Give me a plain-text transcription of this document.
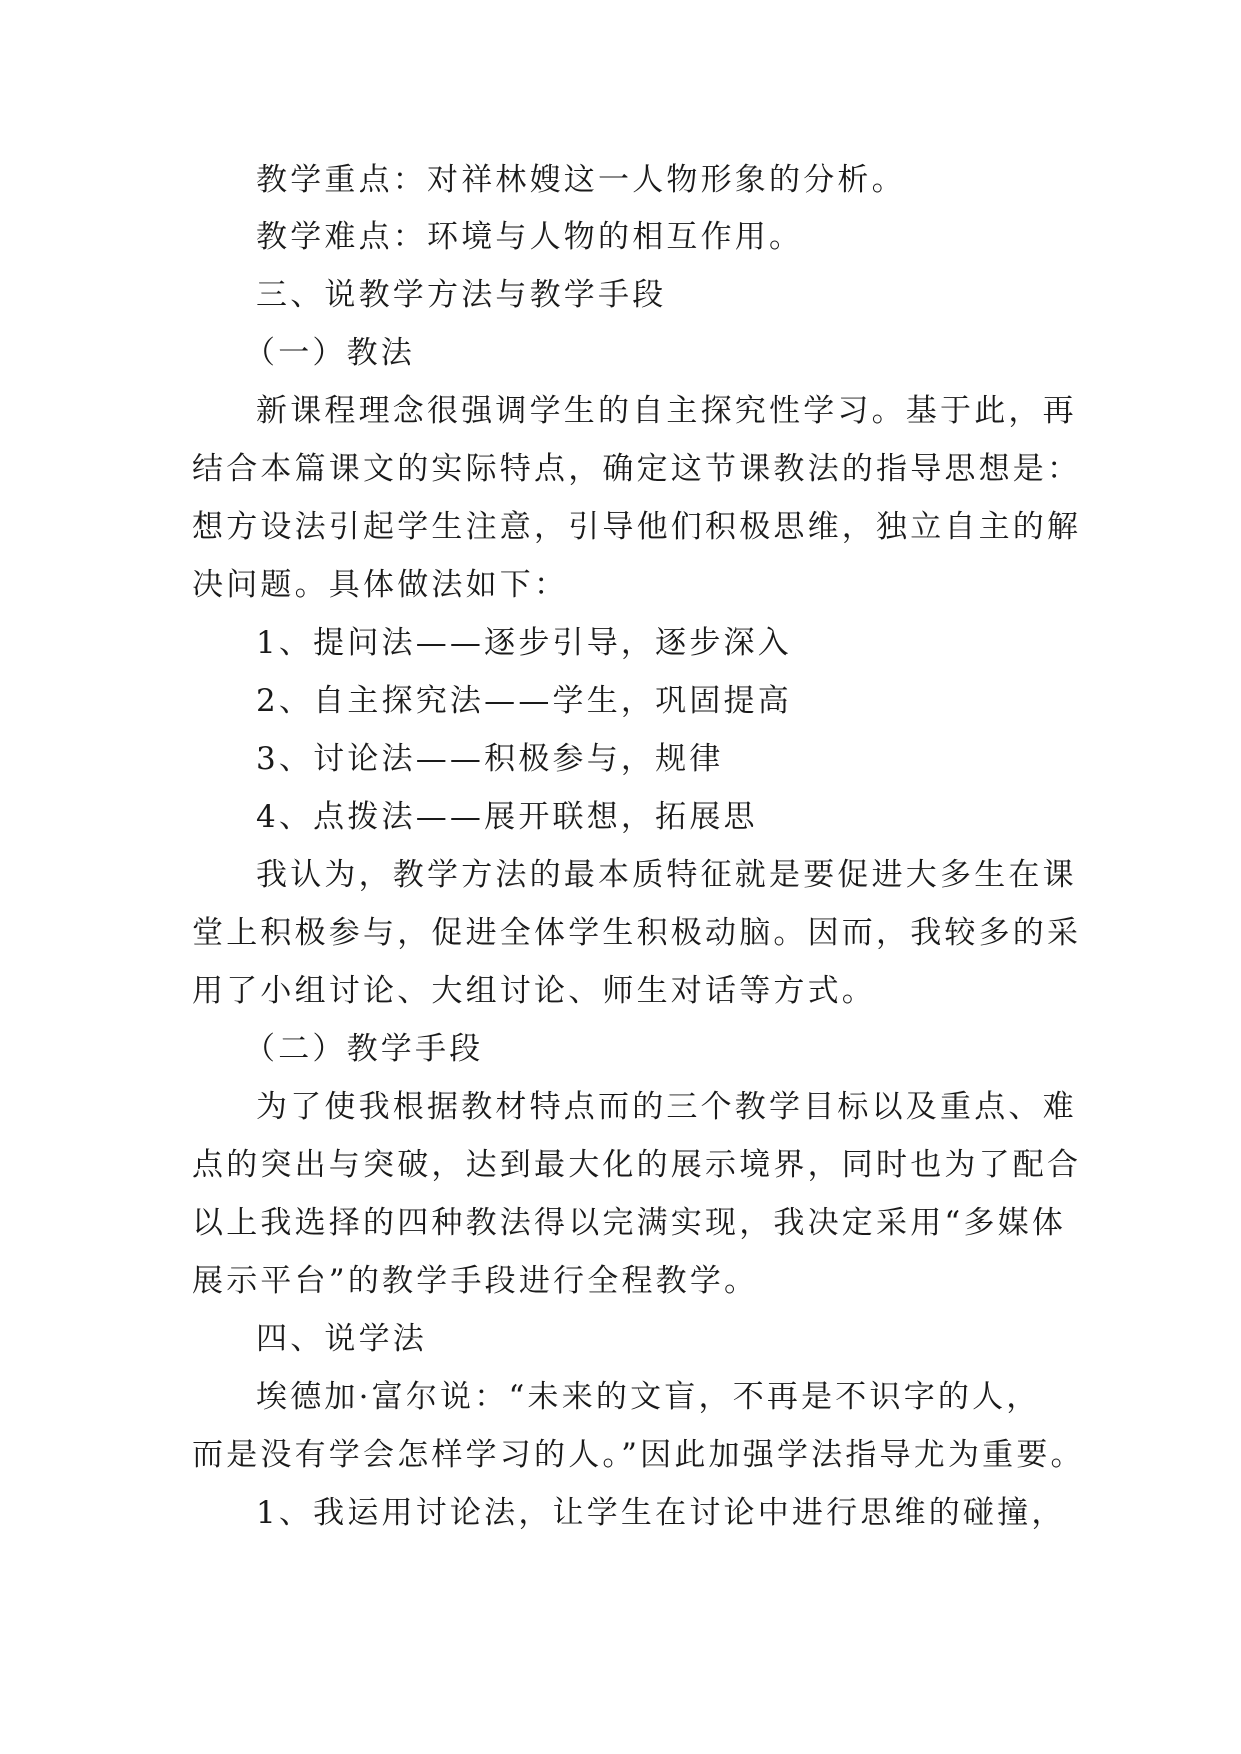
教学重点：对祥林嫂这一人物形象的分析。
教学难点：环境与人物的相互作用。
三、说教学方法与教学手段
（一）教法
新课程理念很强调学生的自主探究性学习。基于此，再
结合本篇课文的实际特点，确定这节课教法的指导思想是：
想方设法引起学生注意，引导他们积极思维，独立自主的解
决问题。具体做法如下：
1、提问法——逐步引导，逐步深入
2、自主探究法——学生，巩固提高
3、讨论法——积极参与，规律
4、点拨法——展开联想，拓展思
我认为，教学方法的最本质特征就是要促进大多生在课
堂上积极参与，促进全体学生积极动脑。因而，我较多的采
用了小组讨论、大组讨论、师生对话等方式。
（二）教学手段
为了使我根据教材特点而的三个教学目标以及重点、难
点的突出与突破，达到最大化的展示境界，同时也为了配合
以上我选择的四种教法得以完满实现，我决定采用“多媒体
展示平台”的教学手段进行全程教学。
四、说学法
埃德加·富尔说：“未来的文盲，不再是不识字的人，
而是没有学会怎样学习的人。”因此加强学法指导尤为重要。
1、我运用讨论法，让学生在讨论中进行思维的碰撞，
